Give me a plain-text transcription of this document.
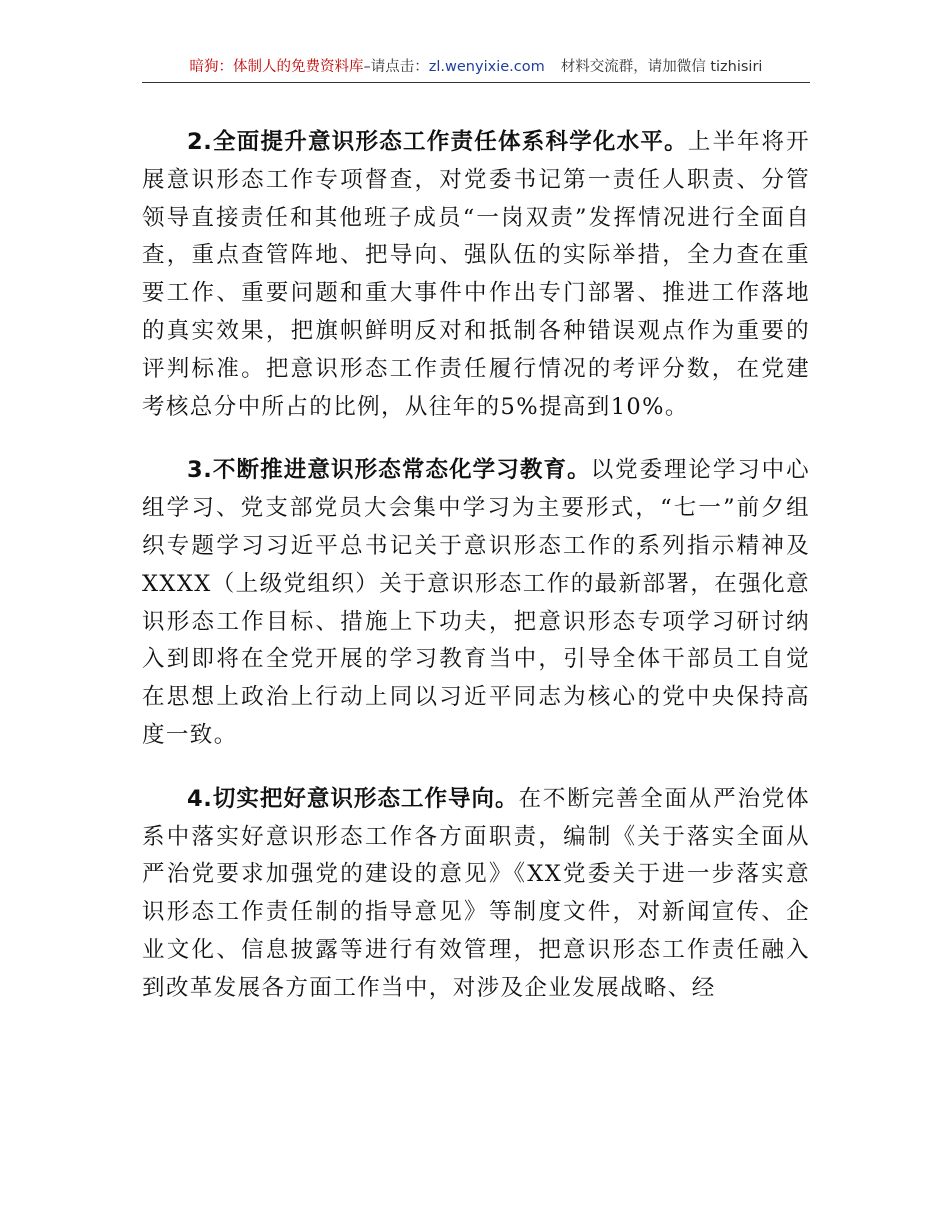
暗狗：体制人的免费资料库–请点击：zl.wenyixie.com 材料交流群，请加微信 tizhisiri

2.全面提升意识形态工作责任体系科学化水平。上半年将开展意识形态工作专项督查，对党委书记第一责任人职责、分管领导直接责任和其他班子成员“一岗双责”发挥情况进行全面自查，重点查管阵地、把导向、强队伍的实际举措，全力查在重要工作、重要问题和重大事件中作出专门部署、推进工作落地的真实效果，把旗帜鲜明反对和抵制各种错误观点作为重要的评判标准。把意识形态工作责任履行情况的考评分数，在党建考核总分中所占的比例，从往年的5%提高到10%。

3.不断推进意识形态常态化学习教育。以党委理论学习中心组学习、党支部党员大会集中学习为主要形式，“七一”前夕组织专题学习习近平总书记关于意识形态工作的系列指示精神及XXXX（上级党组织）关于意识形态工作的最新部署，在强化意识形态工作目标、措施上下功夫，把意识形态专项学习研讨纳入到即将在全党开展的学习教育当中，引导全体干部员工自觉在思想上政治上行动上同以习近平同志为核心的党中央保持高度一致。

4.切实把好意识形态工作导向。在不断完善全面从严治党体系中落实好意识形态工作各方面职责，编制《关于落实全面从严治党要求加强党的建设的意见》《XX党委关于进一步落实意识形态工作责任制的指导意见》等制度文件，对新闻宣传、企业文化、信息披露等进行有效管理，把意识形态工作责任融入到改革发展各方面工作当中，对涉及企业发展战略、经
